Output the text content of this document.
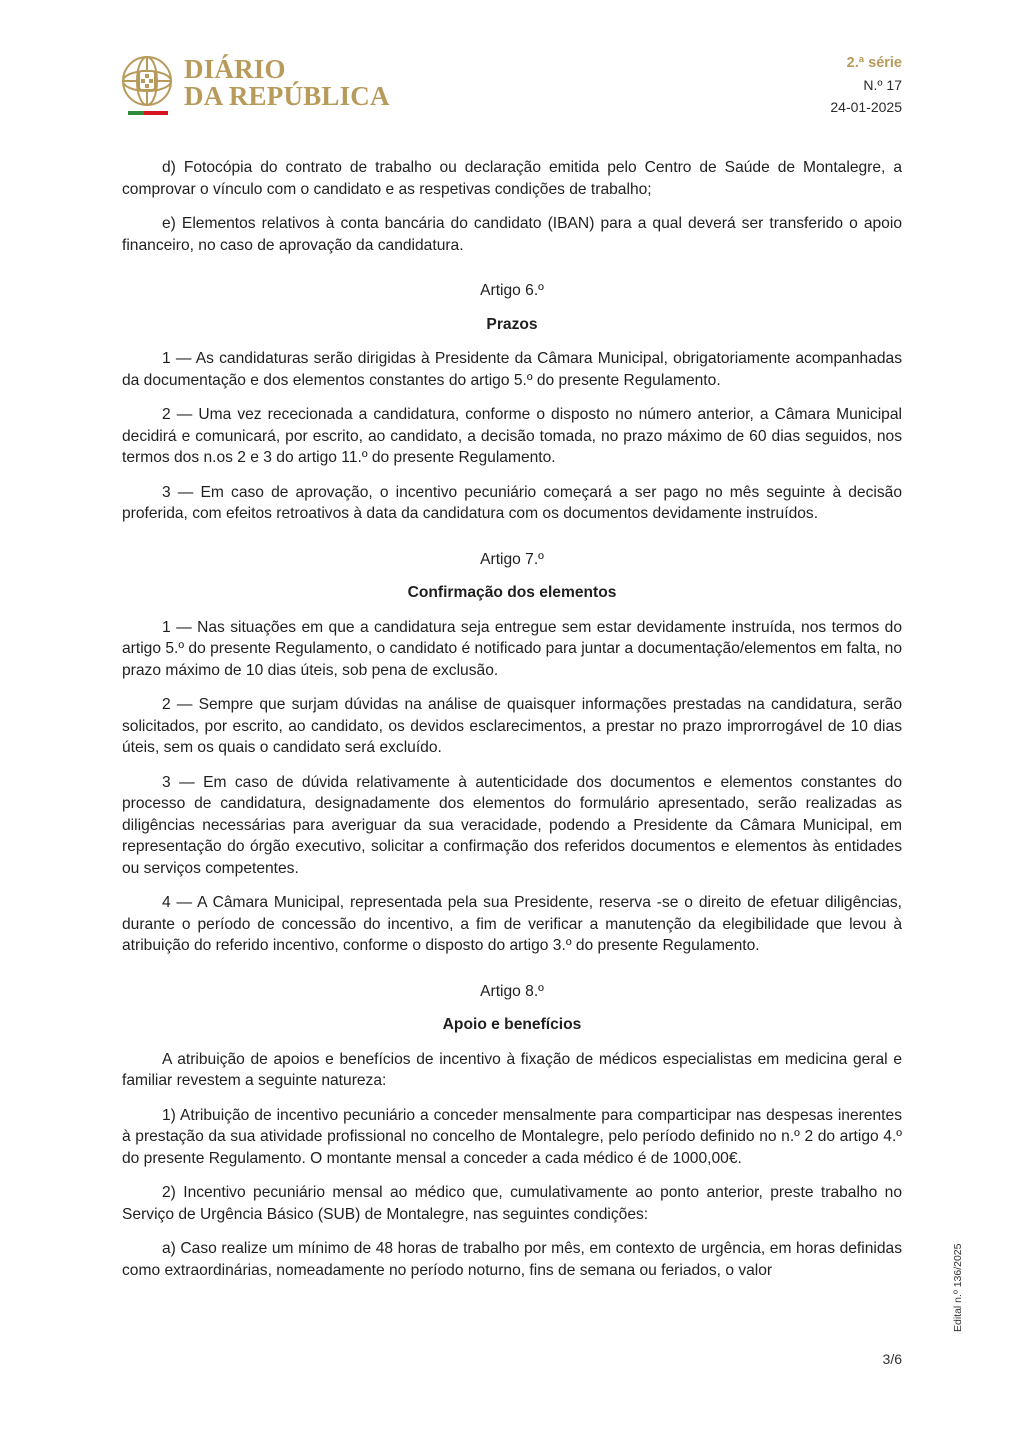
DIÁRIO
DA REPÚBLICA
2.ª série
N.º 17
24-01-2025

d) Fotocópia do contrato de trabalho ou declaração emitida pelo Centro de Saúde de Montalegre, a comprovar o vínculo com o candidato e as respetivas condições de trabalho;

e) Elementos relativos à conta bancária do candidato (IBAN) para a qual deverá ser transferido o apoio financeiro, no caso de aprovação da candidatura.

Artigo 6.º

Prazos

1 — As candidaturas serão dirigidas à Presidente da Câmara Municipal, obrigatoriamente acompanhadas da documentação e dos elementos constantes do artigo 5.º do presente Regulamento.

2 — Uma vez rececionada a candidatura, conforme o disposto no número anterior, a Câmara Municipal decidirá e comunicará, por escrito, ao candidato, a decisão tomada, no prazo máximo de 60 dias seguidos, nos termos dos n.os 2 e 3 do artigo 11.º do presente Regulamento.

3 — Em caso de aprovação, o incentivo pecuniário começará a ser pago no mês seguinte à decisão proferida, com efeitos retroativos à data da candidatura com os documentos devidamente instruídos.

Artigo 7.º

Confirmação dos elementos

1 — Nas situações em que a candidatura seja entregue sem estar devidamente instruída, nos termos do artigo 5.º do presente Regulamento, o candidato é notificado para juntar a documentação/elementos em falta, no prazo máximo de 10 dias úteis, sob pena de exclusão.

2 — Sempre que surjam dúvidas na análise de quaisquer informações prestadas na candidatura, serão solicitados, por escrito, ao candidato, os devidos esclarecimentos, a prestar no prazo improrrogável de 10 dias úteis, sem os quais o candidato será excluído.

3 — Em caso de dúvida relativamente à autenticidade dos documentos e elementos constantes do processo de candidatura, designadamente dos elementos do formulário apresentado, serão realizadas as diligências necessárias para averiguar da sua veracidade, podendo a Presidente da Câmara Municipal, em representação do órgão executivo, solicitar a confirmação dos referidos documentos e elementos às entidades ou serviços competentes.

4 — A Câmara Municipal, representada pela sua Presidente, reserva -se o direito de efetuar diligências, durante o período de concessão do incentivo, a fim de verificar a manutenção da elegibilidade que levou à atribuição do referido incentivo, conforme o disposto do artigo 3.º do presente Regulamento.

Artigo 8.º

Apoio e benefícios

A atribuição de apoios e benefícios de incentivo à fixação de médicos especialistas em medicina geral e familiar revestem a seguinte natureza:

1) Atribuição de incentivo pecuniário a conceder mensalmente para comparticipar nas despesas inerentes à prestação da sua atividade profissional no concelho de Montalegre, pelo período definido no n.º 2 do artigo 4.º do presente Regulamento. O montante mensal a conceder a cada médico é de 1000,00€.

2) Incentivo pecuniário mensal ao médico que, cumulativamente ao ponto anterior, preste trabalho no Serviço de Urgência Básico (SUB) de Montalegre, nas seguintes condições:

a) Caso realize um mínimo de 48 horas de trabalho por mês, em contexto de urgência, em horas definidas como extraordinárias, nomeadamente no período noturno, fins de semana ou feriados, o valor	Edital n.º 136/2025
3/6
